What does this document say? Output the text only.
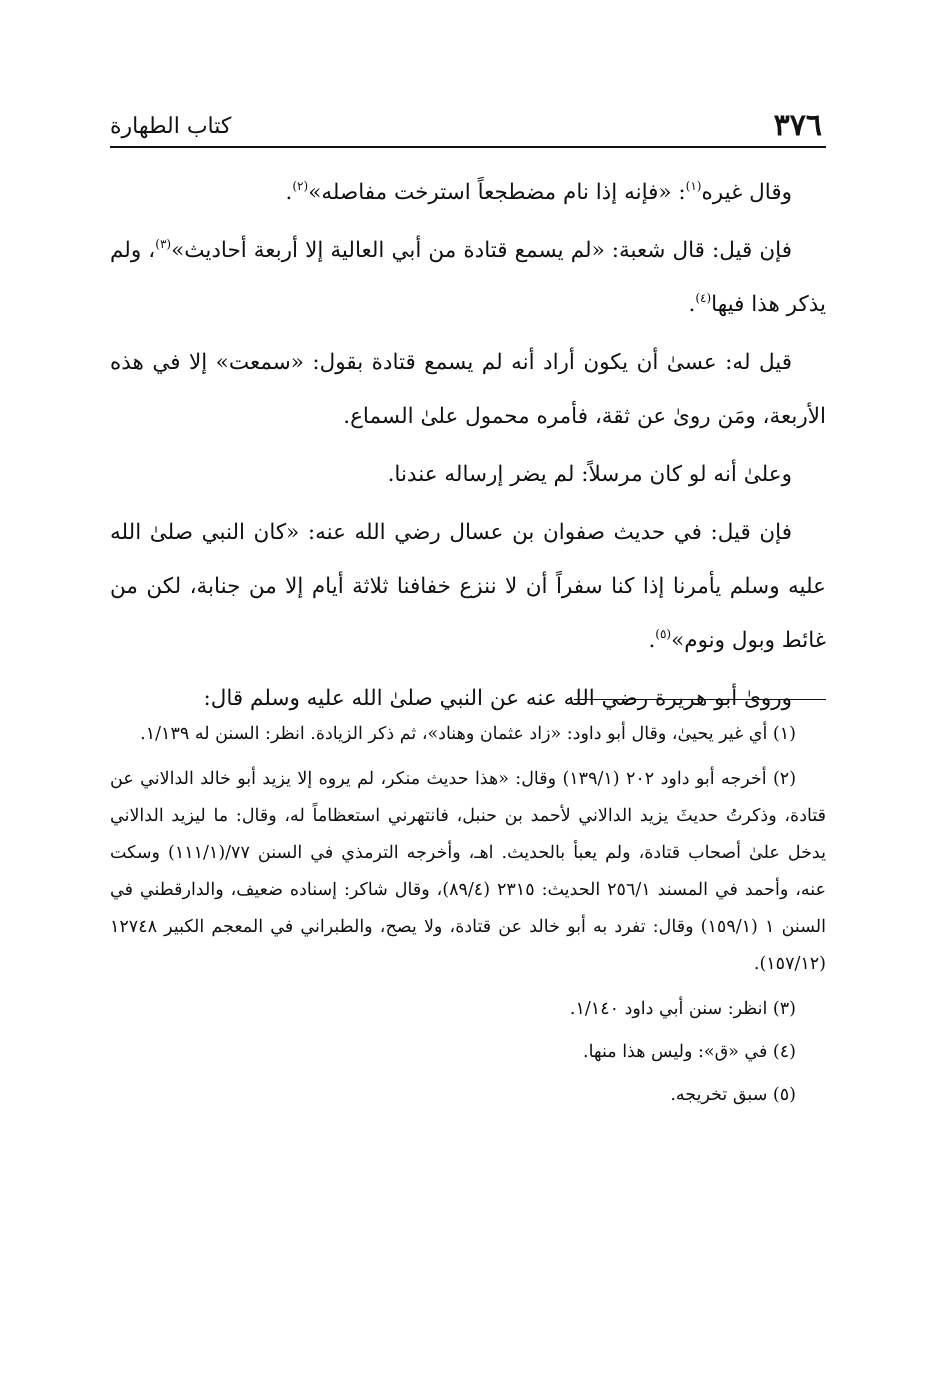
٣٧٦
كتاب الطهارة

وقال غيره$^{(١)}$: «فإنه إذا نام مضطجعاً استرخت مفاصله»$^{(٢)}$.

فإن قيل: قال شعبة: «لم يسمع قتادة من أبي العالية إلا أربعة أحاديث»$^{(٣)}$، ولم يذكر هذا فيها$^{(٤)}$.

قيل له: عسىٰ أن يكون أراد أنه لم يسمع قتادة بقول: «سمعت» إلا في هذه الأربعة، ومَن روىٰ عن ثقة، فأمره محمول علىٰ السماع.

وعلىٰ أنه لو كان مرسلاً: لم يضر إرساله عندنا.

فإن قيل: في حديث صفوان بن عسال رضي الله عنه: «كان النبي صلىٰ الله عليه وسلم يأمرنا إذا كنا سفراً أن لا ننزع خفافنا ثلاثة أيام إلا من جنابة، لكن من غائط وبول ونوم»$^{(٥)}$.

وروىٰ أبو هريرة رضي الله عنه عن النبي صلىٰ الله عليه وسلم قال:

(١) أي غير يحيىٰ، وقال أبو داود: «زاد عثمان وهناد»، ثم ذكر الزيادة. انظر: السنن له ١/١٣٩.

(٢) أخرجه أبو داود ٢٠٢ (١٣٩/١) وقال: «هذا حديث منكر، لم يروه إلا يزيد أبو خالد الدالاني عن قتادة، وذكرتُ حديثَ يزيد الدالاني لأحمد بن حنبل، فانتهرني استعظاماً له، وقال: ما ليزيد الدالاني يدخل علىٰ أصحاب قتادة، ولم يعبأ بالحديث. اهـ، وأخرجه الترمذي في السنن ٧٧/(١١١/١) وسكت عنه، وأحمد في المسند ٢٥٦/١ الحديث: ٢٣١٥ (٨٩/٤)، وقال شاكر: إسناده ضعيف، والدارقطني في السنن ١ (١٥٩/١) وقال: تفرد به أبو خالد عن قتادة، ولا يصح، والطبراني في المعجم الكبير ١٢٧٤٨ (١٥٧/١٢).

(٣) انظر: سنن أبي داود ١/١٤٠.

(٤) في «ق»: وليس هذا منها.

(٥) سبق تخريجه.
